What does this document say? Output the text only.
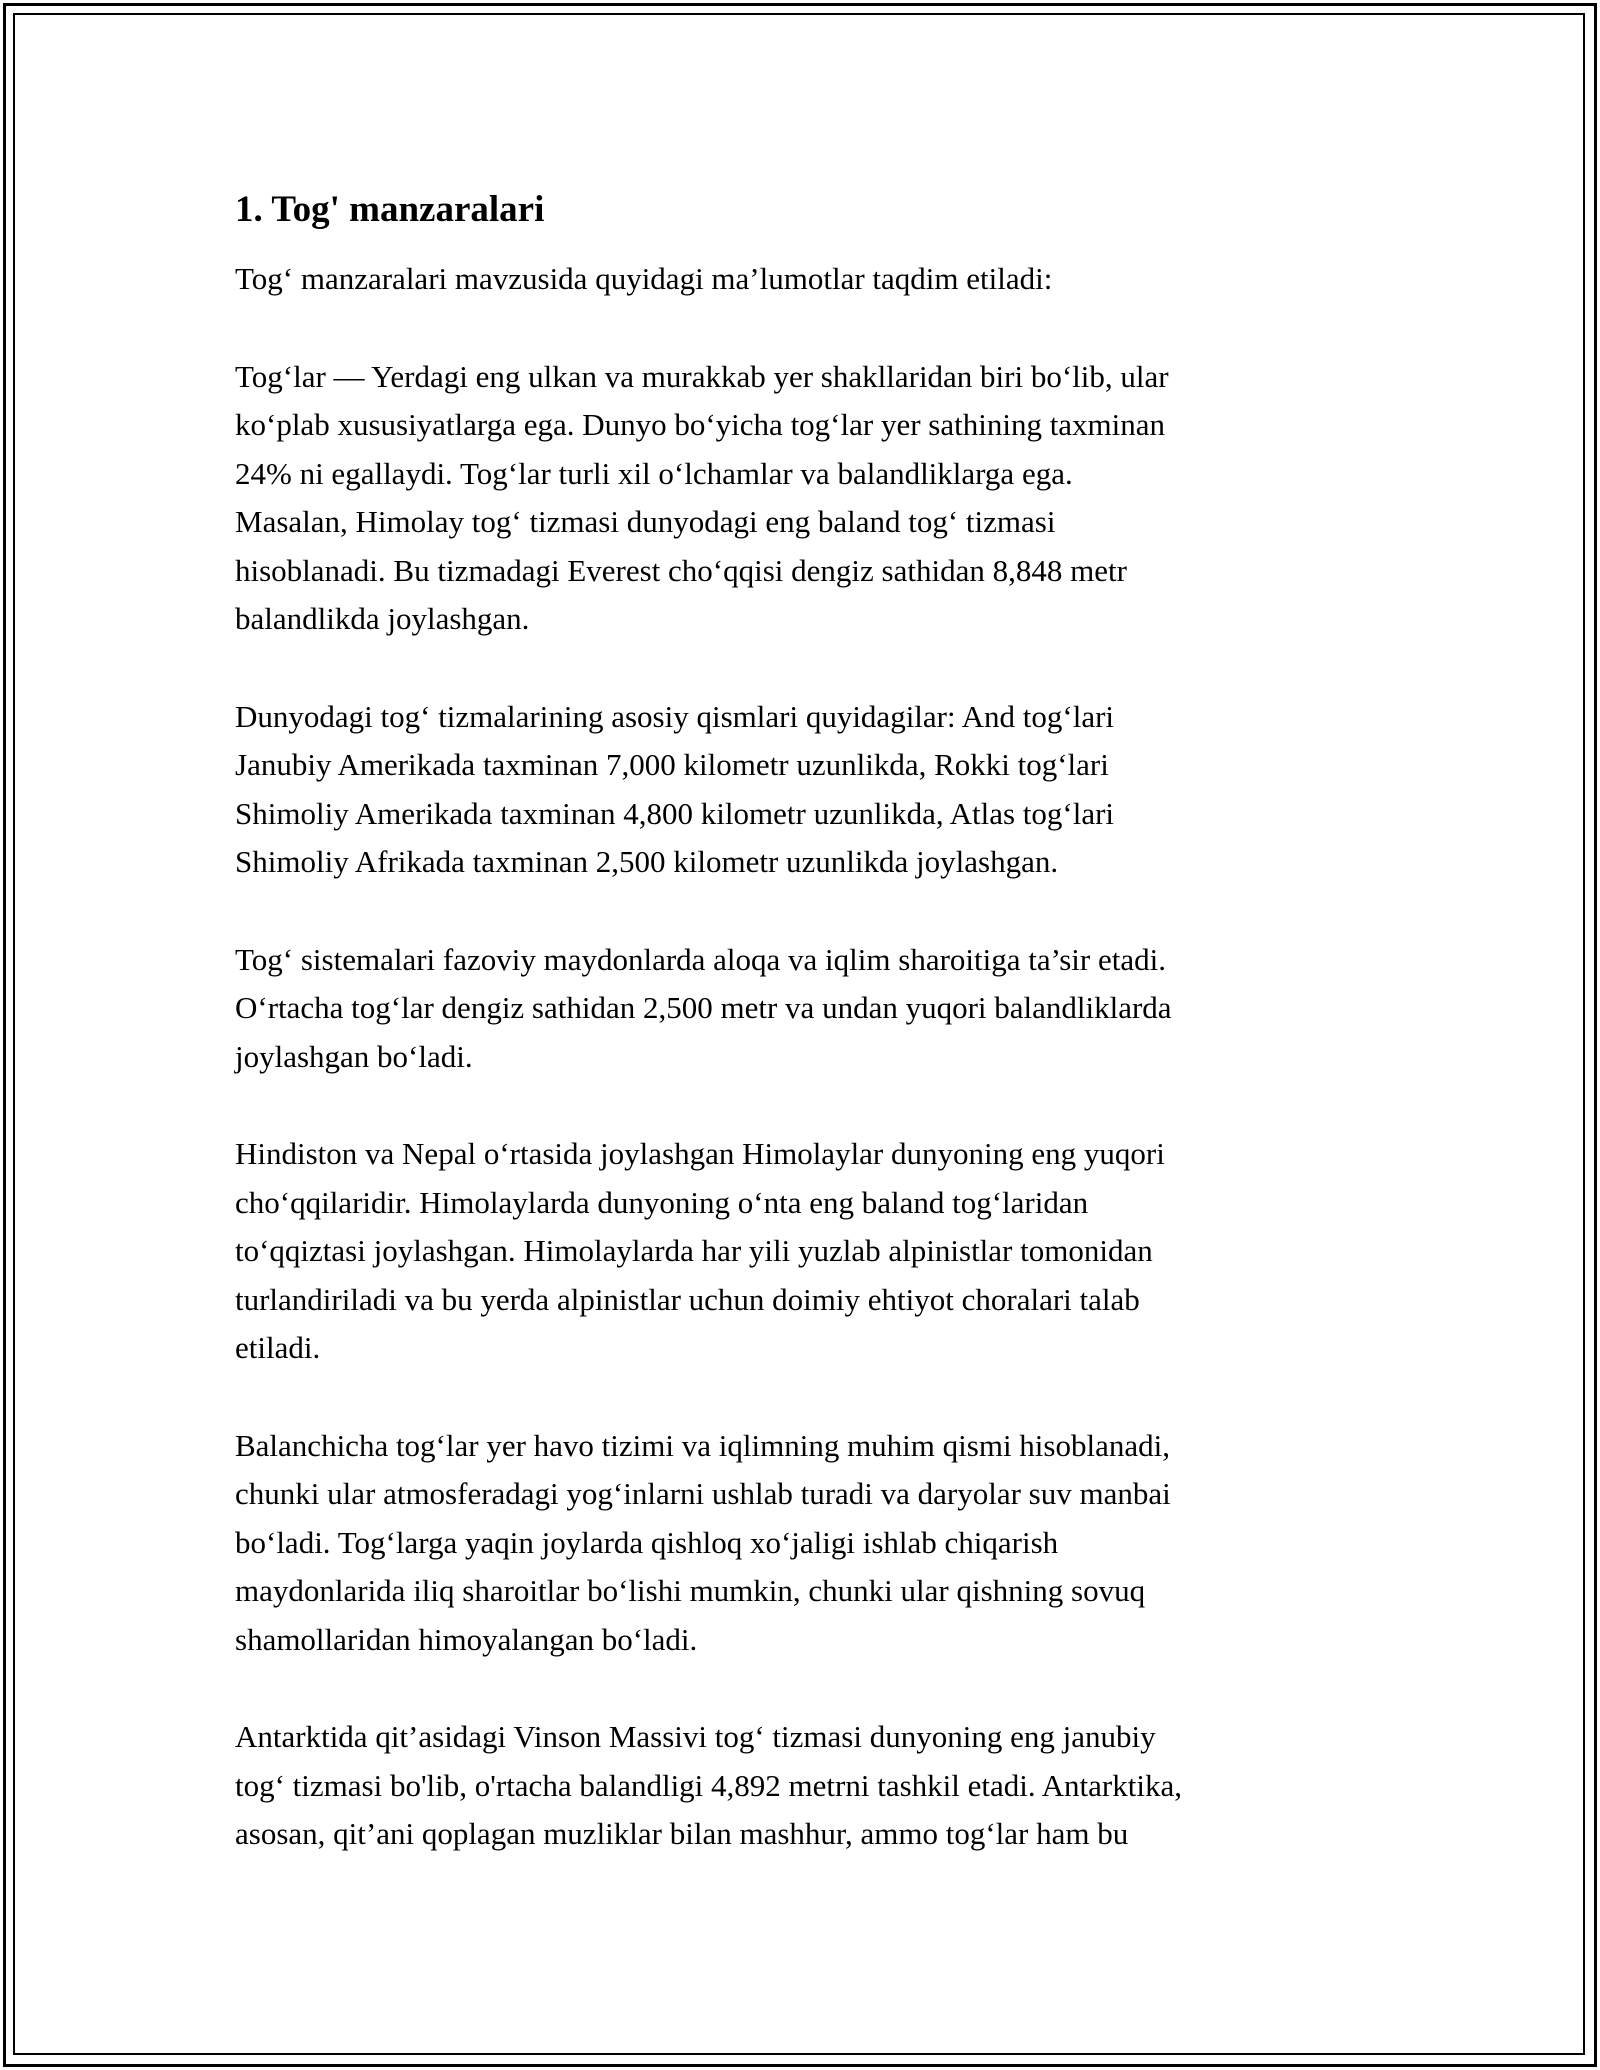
1. Tog' manzaralari

Tog‘ manzaralari mavzusida quyidagi ma’lumotlar taqdim etiladi:

Tog‘lar — Yerdagi eng ulkan va murakkab yer shakllaridan biri bo‘lib, ular
ko‘plab xususiyatlarga ega. Dunyo bo‘yicha tog‘lar yer sathining taxminan
24% ni egallaydi. Tog‘lar turli xil o‘lchamlar va balandliklarga ega.
Masalan, Himolay tog‘ tizmasi dunyodagi eng baland tog‘ tizmasi
hisoblanadi. Bu tizmadagi Everest cho‘qqisi dengiz sathidan 8,848 metr
balandlikda joylashgan.

Dunyodagi tog‘ tizmalarining asosiy qismlari quyidagilar: And tog‘lari
Janubiy Amerikada taxminan 7,000 kilometr uzunlikda, Rokki tog‘lari
Shimoliy Amerikada taxminan 4,800 kilometr uzunlikda, Atlas tog‘lari
Shimoliy Afrikada taxminan 2,500 kilometr uzunlikda joylashgan.

Tog‘ sistemalari fazoviy maydonlarda aloqa va iqlim sharoitiga ta’sir etadi.
O‘rtacha tog‘lar dengiz sathidan 2,500 metr va undan yuqori balandliklarda
joylashgan bo‘ladi.

Hindiston va Nepal o‘rtasida joylashgan Himolaylar dunyoning eng yuqori
cho‘qqilaridir. Himolaylarda dunyoning o‘nta eng baland tog‘laridan
to‘qqiztasi joylashgan. Himolaylarda har yili yuzlab alpinistlar tomonidan
turlandiriladi va bu yerda alpinistlar uchun doimiy ehtiyot choralari talab
etiladi.

Balanchicha tog‘lar yer havo tizimi va iqlimning muhim qismi hisoblanadi,
chunki ular atmosferadagi yog‘inlarni ushlab turadi va daryolar suv manbai
bo‘ladi. Tog‘larga yaqin joylarda qishloq xo‘jaligi ishlab chiqarish
maydonlarida iliq sharoitlar bo‘lishi mumkin, chunki ular qishning sovuq
shamollaridan himoyalangan bo‘ladi.

Antarktida qit’asidagi Vinson Massivi tog‘ tizmasi dunyoning eng janubiy
tog‘ tizmasi bo'lib, o'rtacha balandligi 4,892 metrni tashkil etadi. Antarktika,
asosan, qit’ani qoplagan muzliklar bilan mashhur, ammo tog‘lar ham bu
